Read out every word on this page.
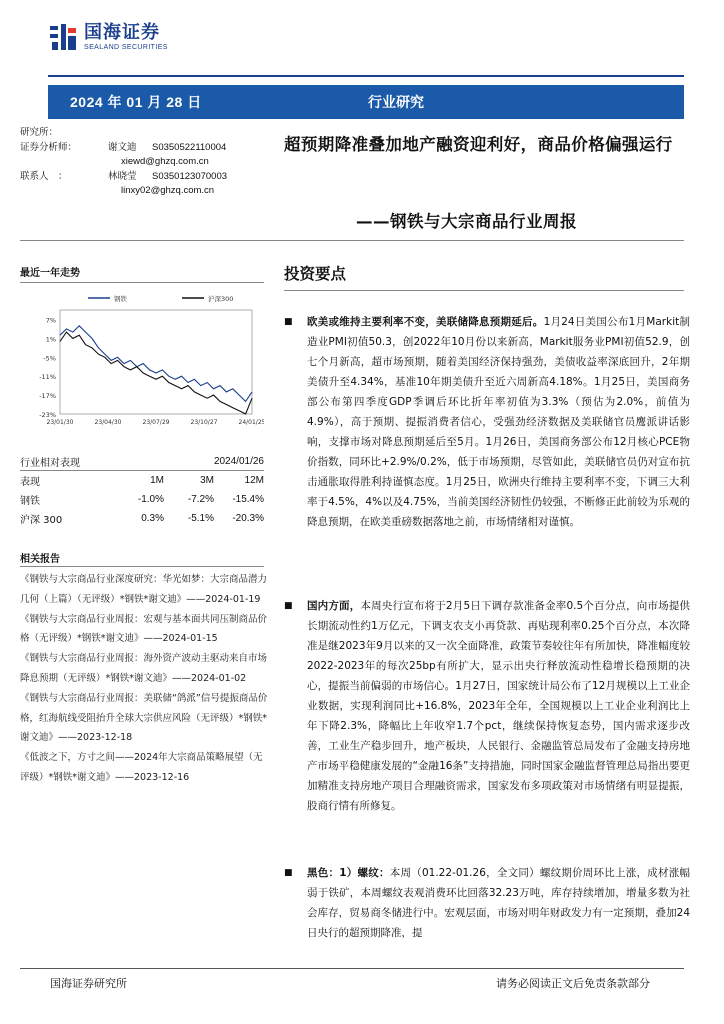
国海证券
SEALAND SECURITIES
2024 年 01 月 28 日	行业研究
研究所：
证券分析师：	谢文迪	S0350522110004
xiewd@ghzq.com.cn
联系人　：	林晓莹	S0350123070003
linxy02@ghzq.com.cn
超预期降准叠加地产融资迎利好，商品价格偏强运行
——钢铁与大宗商品行业周报
最近一年走势
7%
1%
-5%
-11%
-17%
-23%
23/01/30	23/04/30	23/07/29	23/10/27	24/01/25
钢铁	沪深300
行业相对表现	2024/01/26
表现	1M	3M	12M
钢铁	-1.0%	-7.2%	-15.4%
沪深 300	0.3%	-5.1%	-20.3%
相关报告

《钢铁与大宗商品行业深度研究：华光如梦：大宗商品潜力几何（上篇）（无评级）*钢铁*谢文迪》——2024-01-19

《钢铁与大宗商品行业周报：宏观与基本面共同压制商品价格（无评级）*钢铁*谢文迪》——2024-01-15

《钢铁与大宗商品行业周报：海外资产波动主驱动来自市场降息预期（无评级）*钢铁*谢文迪》——2024-01-02

《钢铁与大宗商品行业周报：美联储“鸽派”信号提振商品价格，红海航线受阻抬升全球大宗供应风险（无评级）*钢铁*谢文迪》——2023-12-18

《低波之下，方寸之间——2024年大宗商品策略展望（无评级）*钢铁*谢文迪》——2023-12-16

投资要点
■	欧美或维持主要利率不变，美联储降息预期延后。1月24日美国公布1月Markit制造业PMI初值50.3，创2022年10月份以来新高，Markit服务业PMI初值52.9，创七个月新高，超市场预期，随着美国经济保持强劲，美债收益率深底回升，2年期美债升至4.34%，基准10年期美债升至近六周新高4.18%。1月25日，美国商务部公布第四季度GDP季调后环比折年率初值为3.3%（预估为2.0%，前值为4.9%），高于预期、提振消费者信心，受强劲经济数据及美联储官员鹰派讲话影响，支撑市场对降息预期延后至5月。1月26日，美国商务部公布12月核心PCE物价指数，同环比+2.9%/0.2%，低于市场预期，尽管如此，美联储官员仍对宣布抗击通胀取得胜利持谨慎态度。1月25日，欧洲央行维持主要利率不变，下调三大利率于4.5%，4%以及4.75%，当前美国经济韧性仍较强，不断修正此前较为乐观的降息预期，在欧美重磅数据落地之前，市场情绪相对谨慎。
■	国内方面，本周央行宣布将于2月5日下调存款准备金率0.5个百分点，向市场提供长期流动性约1万亿元，下调支农支小再贷款、再贴现利率0.25个百分点，本次降准是继2023年9月以来的又一次全面降准，政策节奏较往年有所加快，降准幅度较2022-2023年的每次25bp有所扩大，显示出央行释放流动性稳增长稳预期的决心，提振当前偏弱的市场信心。1月27日，国家统计局公布了12月规模以上工业企业数据，实现利润同比+16.8%，2023年全年，全国规模以上工业企业利润比上年下降2.3%，降幅比上年收窄1.7个pct，继续保持恢复态势，国内需求逐步改善，工业生产稳步回升，地产板块，人民银行、金融监管总局发布了金融支持房地产市场平稳健康发展的“金融16条”支持措施，同时国家金融监督管理总局指出要更加精准支持房地产项目合理融资需求，国家发布多项政策对市场情绪有明显提振，股商行情有所修复。
■	黑色：1）螺纹：本周（01.22-01.26，全文同）螺纹期价周环比上涨，成材涨幅弱于铁矿，本周螺纹表观消费环比回落32.23万吨，库存持续增加，增量多数为社会库存，贸易商冬储进行中。宏观层面，市场对明年财政发力有一定预期，叠加24日央行的超预期降准，提
国海证券研究所	请务必阅读正文后免责条款部分
